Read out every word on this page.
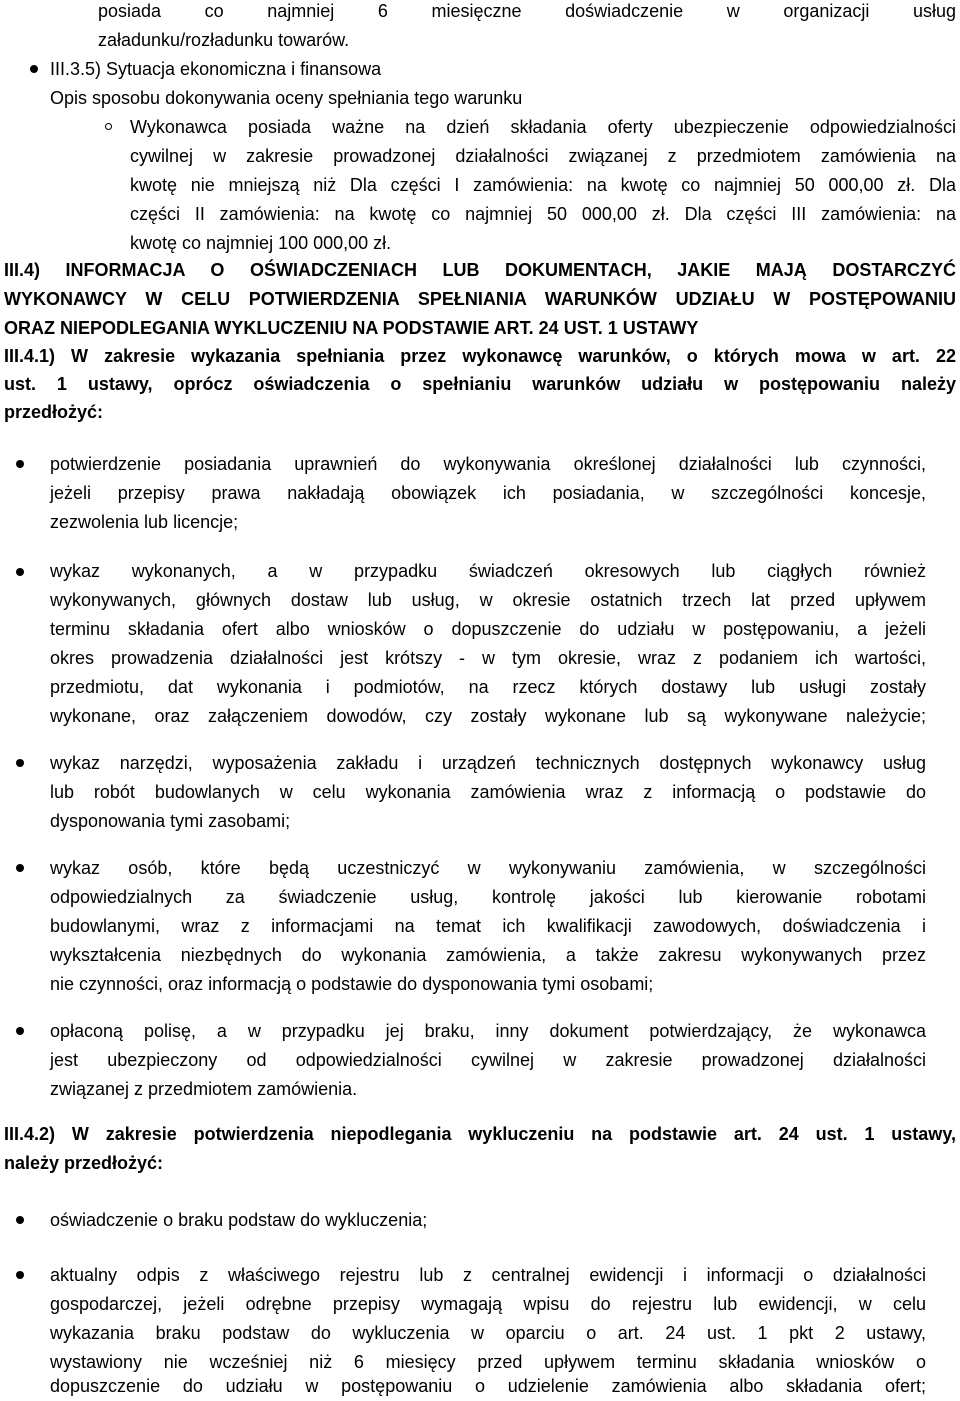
posiada co najmniej 6 miesięczne doświadczenie w organizacji usług
załadunku/rozładunku towarów.
III.3.5) Sytuacja ekonomiczna i finansowa
Opis sposobu dokonywania oceny spełniania tego warunku
Wykonawca posiada ważne na dzień składania oferty ubezpieczenie odpowiedzialności
cywilnej w zakresie prowadzonej działalności związanej z przedmiotem zamówienia na
kwotę nie mniejszą niż Dla części I zamówienia: na kwotę co najmniej 50 000,00 zł. Dla
części II zamówienia: na kwotę co najmniej 50 000,00 zł. Dla części III zamówienia: na
kwotę co najmniej 100 000,00 zł.
III.4) INFORMACJA O OŚWIADCZENIACH LUB DOKUMENTACH, JAKIE MAJĄ DOSTARCZYĆ
WYKONAWCY W CELU POTWIERDZENIA SPEŁNIANIA WARUNKÓW UDZIAŁU W POSTĘPOWANIU
ORAZ NIEPODLEGANIA WYKLUCZENIU NA PODSTAWIE ART. 24 UST. 1 USTAWY
III.4.1) W zakresie wykazania spełniania przez wykonawcę warunków, o których mowa w art. 22
ust. 1 ustawy, oprócz oświadczenia o spełnianiu warunków udziału w postępowaniu należy
przedłożyć:
potwierdzenie posiadania uprawnień do wykonywania określonej działalności lub czynności,
jeżeli przepisy prawa nakładają obowiązek ich posiadania, w szczególności koncesje,
zezwolenia lub licencje;
wykaz wykonanych, a w przypadku świadczeń okresowych lub ciągłych również
wykonywanych, głównych dostaw lub usług, w okresie ostatnich trzech lat przed upływem
terminu składania ofert albo wniosków o dopuszczenie do udziału w postępowaniu, a jeżeli
okres prowadzenia działalności jest krótszy - w tym okresie, wraz z podaniem ich wartości,
przedmiotu, dat wykonania i podmiotów, na rzecz których dostawy lub usługi zostały
wykonane, oraz załączeniem dowodów, czy zostały wykonane lub są wykonywane należycie;
wykaz narzędzi, wyposażenia zakładu i urządzeń technicznych dostępnych wykonawcy usług
lub robót budowlanych w celu wykonania zamówienia wraz z informacją o podstawie do
dysponowania tymi zasobami;
wykaz osób, które będą uczestniczyć w wykonywaniu zamówienia, w szczególności
odpowiedzialnych za świadczenie usług, kontrolę jakości lub kierowanie robotami
budowlanymi, wraz z informacjami na temat ich kwalifikacji zawodowych, doświadczenia i
wykształcenia niezbędnych do wykonania zamówienia, a także zakresu wykonywanych przez
nie czynności, oraz informacją o podstawie do dysponowania tymi osobami;
opłaconą polisę, a w przypadku jej braku, inny dokument potwierdzający, że wykonawca
jest ubezpieczony od odpowiedzialności cywilnej w zakresie prowadzonej działalności
związanej z przedmiotem zamówienia.
III.4.2) W zakresie potwierdzenia niepodlegania wykluczeniu na podstawie art. 24 ust. 1 ustawy,
należy przedłożyć:
oświadczenie o braku podstaw do wykluczenia;
aktualny odpis z właściwego rejestru lub z centralnej ewidencji i informacji o działalności
gospodarczej, jeżeli odrębne przepisy wymagają wpisu do rejestru lub ewidencji, w celu
wykazania braku podstaw do wykluczenia w oparciu o art. 24 ust. 1 pkt 2 ustawy,
wystawiony nie wcześniej niż 6 miesięcy przed upływem terminu składania wniosków o
dopuszczenie do udziału w postępowaniu o udzielenie zamówienia albo składania ofert;
